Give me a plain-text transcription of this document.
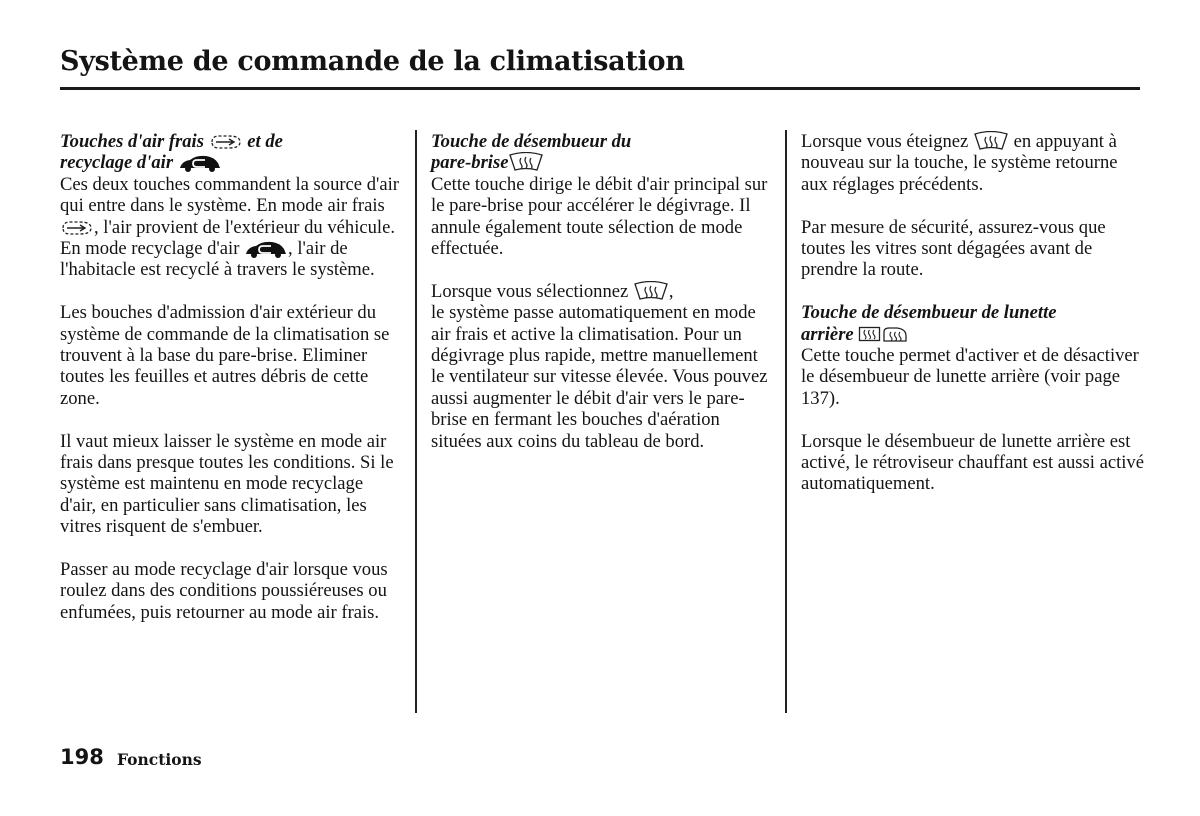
Système de commande de la climatisation
Touches d'air frais
et de
recyclage d'air

Ces deux touches commandent la source d'air qui entre dans le système. En mode air frais
, l'air provient de l'extérieur du véhicule. En mode recyclage d'air
, l'air de l'habitacle est recyclé à travers le système.

Les bouches d'admission d'air extérieur du système de commande de la climatisation se trouvent à la base du pare-brise. Eliminer toutes les feuilles et autres débris de cette zone.

Il vaut mieux laisser le système en mode air frais dans presque toutes les conditions. Si le système est maintenu en mode recyclage d'air, en particulier sans climatisation, les vitres risquent de s'embuer.

Passer au mode recyclage d'air lorsque vous roulez dans des conditions poussiéreuses ou enfumées, puis retourner au mode air frais.

Touche de désembueur du
pare-brise

Cette touche dirige le débit d'air principal sur le pare-brise pour accélérer le dégivrage. Il annule également toute sélection de mode effectuée.

Lorsque vous sélectionnez
,
le système passe automatiquement en mode air frais et active la climatisation. Pour un dégivrage plus rapide, mettre manuellement le ventilateur sur vitesse élevée. Vous pouvez aussi augmenter le débit d'air vers le pare-brise en fermant les bouches d'aération situées aux coins du tableau de bord.

Lorsque vous éteignez
en appuyant à nouveau sur la touche, le système retourne aux réglages précédents.

Par mesure de sécurité, assurez-vous que toutes les vitres sont dégagées avant de prendre la route.

Touche de désembueur de lunette
arrière

Cette touche permet d'activer et de désactiver le désembueur de lunette arrière (voir page 137).

Lorsque le désembueur de lunette arrière est activé, le rétroviseur chauffant est aussi activé automatiquement.

198 Fonctions
